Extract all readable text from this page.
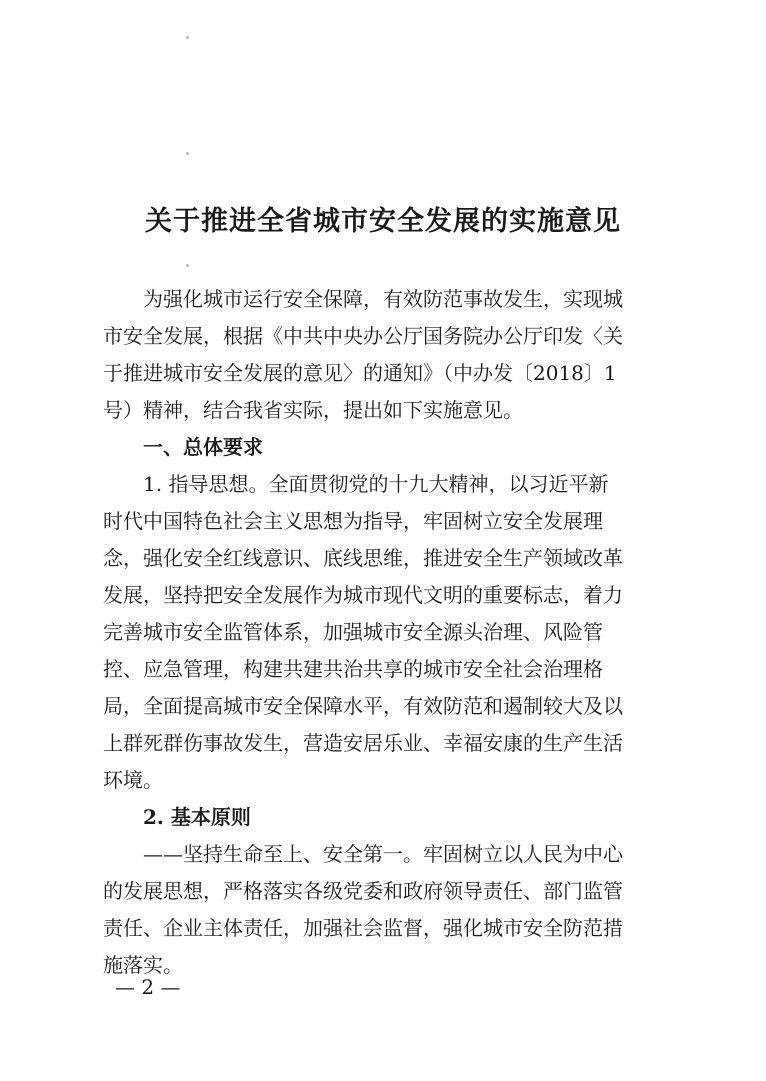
关于推进全省城市安全发展的实施意见
为强化城市运行安全保障，有效防范事故发生，实现城
市安全发展，根据《中共中央办公厅国务院办公厅印发〈关
于推进城市安全发展的意见〉的通知》（中办发〔2018〕1
号）精神，结合我省实际，提出如下实施意见。
一、总体要求
1. 指导思想。全面贯彻党的十九大精神，以习近平新
时代中国特色社会主义思想为指导，牢固树立安全发展理
念，强化安全红线意识、底线思维，推进安全生产领域改革
发展，坚持把安全发展作为城市现代文明的重要标志，着力
完善城市安全监管体系，加强城市安全源头治理、风险管
控、应急管理，构建共建共治共享的城市安全社会治理格
局，全面提高城市安全保障水平，有效防范和遏制较大及以
上群死群伤事故发生，营造安居乐业、幸福安康的生产生活
环境。
2. 基本原则
——坚持生命至上、安全第一。牢固树立以人民为中心
的发展思想，严格落实各级党委和政府领导责任、部门监管
责任、企业主体责任，加强社会监督，强化城市安全防范措
施落实。
— 2 —
